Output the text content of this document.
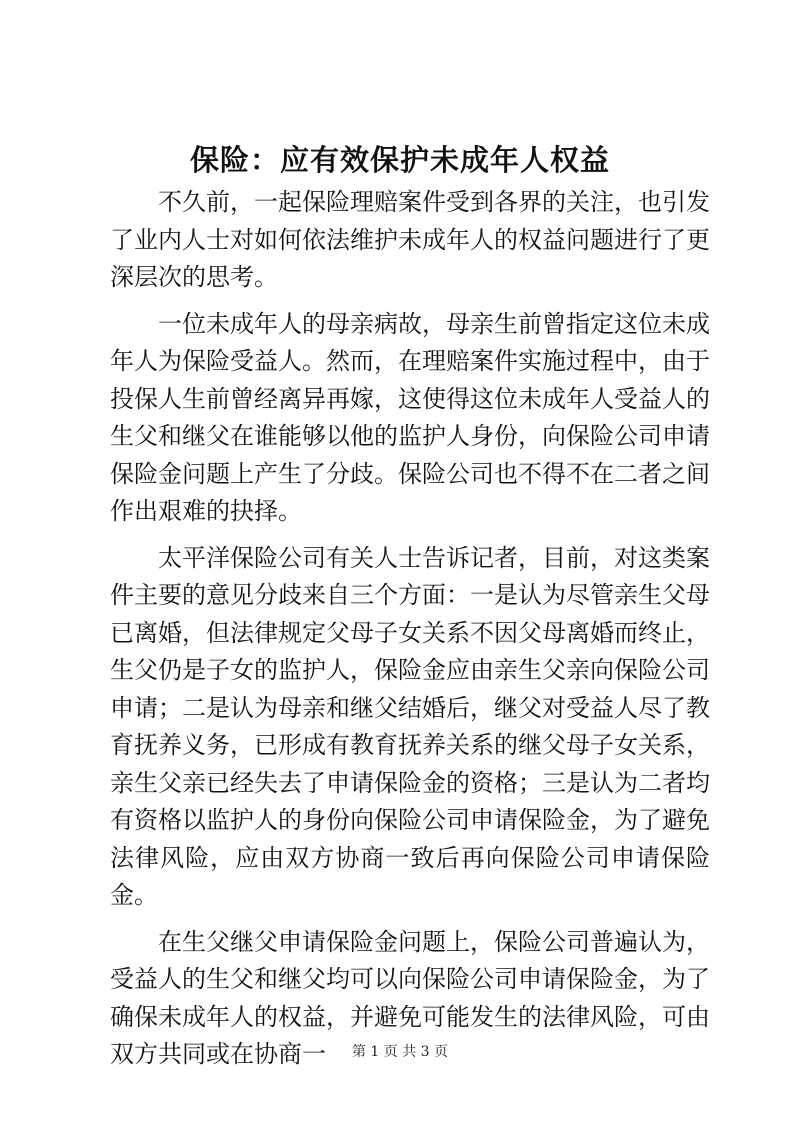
保险：应有效保护未成年人权益

不久前，一起保险理赔案件受到各界的关注，也引发了业内人士对如何依法维护未成年人的权益问题进行了更深层次的思考。

一位未成年人的母亲病故，母亲生前曾指定这位未成年人为保险受益人。然而，在理赔案件实施过程中，由于投保人生前曾经离异再嫁，这使得这位未成年人受益人的生父和继父在谁能够以他的监护人身份，向保险公司申请保险金问题上产生了分歧。保险公司也不得不在二者之间作出艰难的抉择。

太平洋保险公司有关人士告诉记者，目前，对这类案件主要的意见分歧来自三个方面：一是认为尽管亲生父母已离婚，但法律规定父母子女关系不因父母离婚而终止，生父仍是子女的监护人，保险金应由亲生父亲向保险公司申请；二是认为母亲和继父结婚后，继父对受益人尽了教育抚养义务，已形成有教育抚养关系的继父母子女关系，亲生父亲已经失去了申请保险金的资格；三是认为二者均有资格以监护人的身份向保险公司申请保险金，为了避免法律风险，应由双方协商一致后再向保险公司申请保险金。

在生父继父申请保险金问题上，保险公司普遍认为，受益人的生父和继父均可以向保险公司申请保险金，为了确保未成年人的权益，并避免可能发生的法律风险，可由双方共同或在协商一	第 1 页 共 3 页
